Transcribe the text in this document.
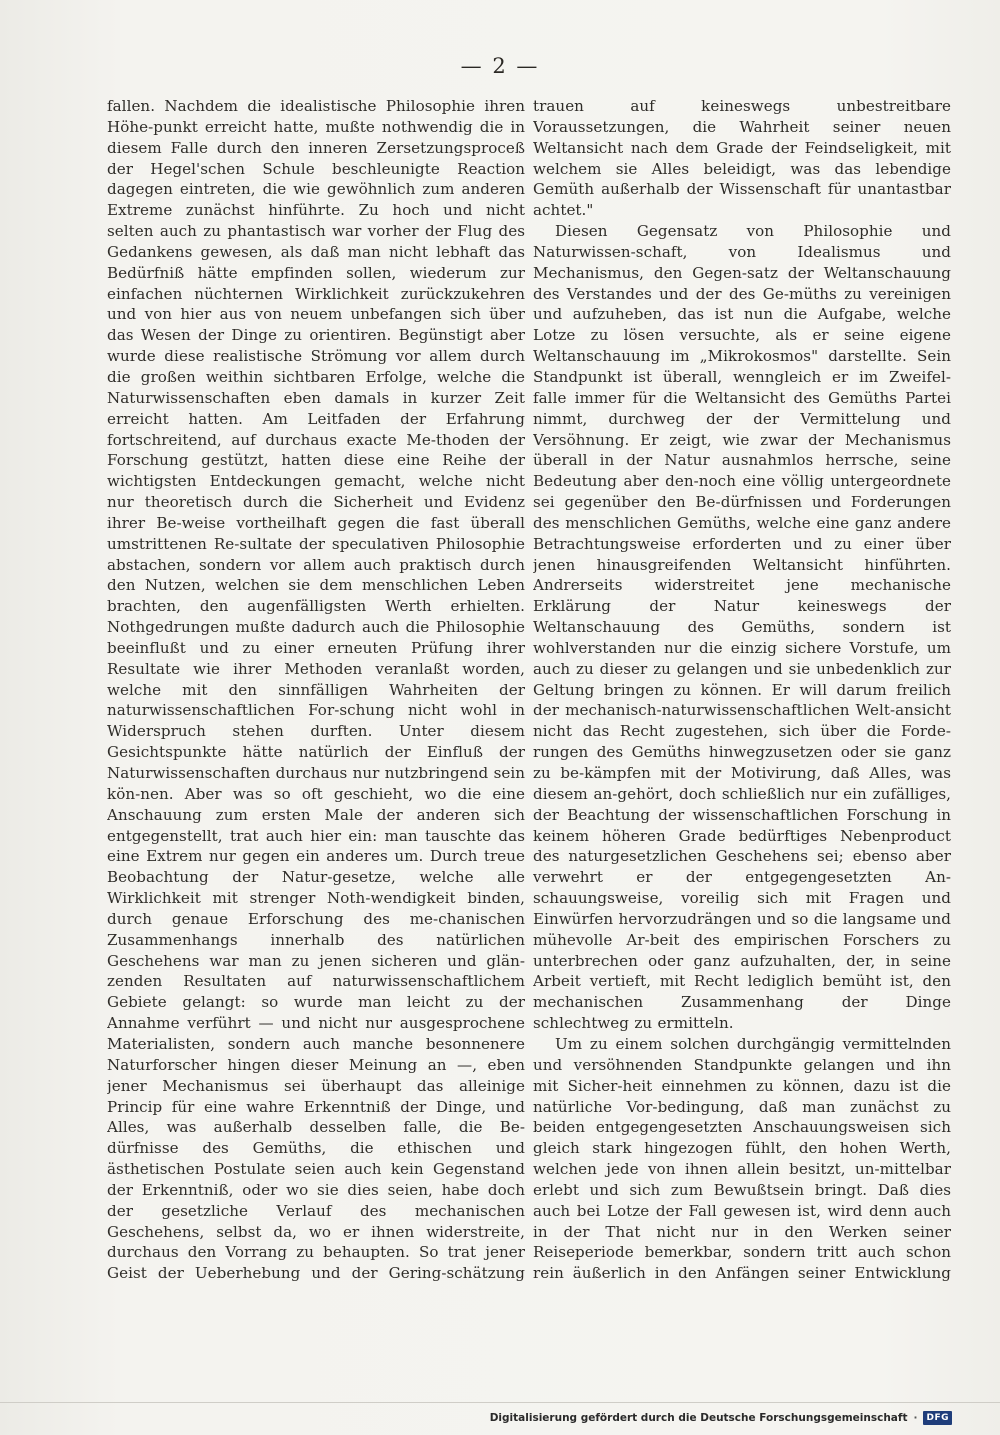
— 2 —

fallen. Nachdem die idealistische Philosophie ihren Höhe-punkt erreicht hatte, mußte nothwendig die in diesem Falle durch den inneren Zersetzungsproceß der Hegel'schen Schule beschleunigte Reaction dagegen eintreten, die wie gewöhnlich zum anderen Extreme zunächst hinführte. Zu hoch und nicht selten auch zu phantastisch war vorher der Flug des Gedankens gewesen, als daß man nicht lebhaft das Bedürfniß hätte empfinden sollen, wiederum zur einfachen nüchternen Wirklichkeit zurückzukehren und von hier aus von neuem unbefangen sich über das Wesen der Dinge zu orientiren. Begünstigt aber wurde diese realistische Strömung vor allem durch die großen weithin sichtbaren Erfolge, welche die Naturwissenschaften eben damals in kurzer Zeit erreicht hatten. Am Leitfaden der Erfahrung fortschreitend, auf durchaus exacte Me-thoden der Forschung gestützt, hatten diese eine Reihe der wichtigsten Entdeckungen gemacht, welche nicht nur theoretisch durch die Sicherheit und Evidenz ihrer Be-weise vortheilhaft gegen die fast überall umstrittenen Re-sultate der speculativen Philosophie abstachen, sondern vor allem auch praktisch durch den Nutzen, welchen sie dem menschlichen Leben brachten, den augenfälligsten Werth erhielten. Nothgedrungen mußte dadurch auch die Philosophie beeinflußt und zu einer erneuten Prüfung ihrer Resultate wie ihrer Methoden veranlaßt worden, welche mit den sinnfälligen Wahrheiten der naturwissenschaftlichen For-schung nicht wohl in Widerspruch stehen durften. Unter diesem Gesichtspunkte hätte natürlich der Einfluß der Naturwissenschaften durchaus nur nutzbringend sein kön-nen. Aber was so oft geschieht, wo die eine Anschauung zum ersten Male der anderen sich entgegenstellt, trat auch hier ein: man tauschte das eine Extrem nur gegen ein anderes um. Durch treue Beobachtung der Natur-gesetze, welche alle Wirklichkeit mit strenger Noth-wendigkeit binden, durch genaue Erforschung des me-chanischen Zusammenhangs innerhalb des natürlichen Geschehens war man zu jenen sicheren und glän-zenden Resultaten auf naturwissenschaftlichem Gebiete gelangt: so wurde man leicht zu der Annahme verführt — und nicht nur ausgesprochene Materialisten, sondern auch manche besonnenere Naturforscher hingen dieser Meinung an —, eben jener Mechanismus sei überhaupt das alleinige Princip für eine wahre Erkenntniß der Dinge, und Alles, was außerhalb desselben falle, die Be-dürfnisse des Gemüths, die ethischen und ästhetischen Postulate seien auch kein Gegenstand der Erkenntniß, oder wo sie dies seien, habe doch der gesetzliche Verlauf des mechanischen Geschehens, selbst da, wo er ihnen widerstreite, durchaus den Vorrang zu behaupten. So trat jener Geist der Ueberhebung und der Gering-schätzung

trauen auf keineswegs unbestreitbare Voraussetzungen, die Wahrheit seiner neuen Weltansicht nach dem Grade der Feindseligkeit, mit welchem sie Alles beleidigt, was das lebendige Gemüth außerhalb der Wissenschaft für unantastbar achtet."

Diesen Gegensatz von Philosophie und Naturwissen-schaft, von Idealismus und Mechanismus, den Gegen-satz der Weltanschauung des Verstandes und der des Ge-müths zu vereinigen und aufzuheben, das ist nun die Aufgabe, welche Lotze zu lösen versuchte, als er seine eigene Weltanschauung im „Mikrokosmos" darstellte. Sein Standpunkt ist überall, wenngleich er im Zweifel-falle immer für die Weltansicht des Gemüths Partei nimmt, durchweg der der Vermittelung und Versöhnung. Er zeigt, wie zwar der Mechanismus überall in der Natur ausnahmlos herrsche, seine Bedeutung aber den-noch eine völlig untergeordnete sei gegenüber den Be-dürfnissen und Forderungen des menschlichen Gemüths, welche eine ganz andere Betrachtungsweise erforderten und zu einer über jenen hinausgreifenden Weltansicht hinführten. Andrerseits widerstreitet jene mechanische Erklärung der Natur keineswegs der Weltanschauung des Gemüths, sondern ist wohlverstanden nur die einzig sichere Vorstufe, um auch zu dieser zu gelangen und sie unbedenklich zur Geltung bringen zu können. Er will darum freilich der mechanisch-naturwissenschaftlichen Welt-ansicht nicht das Recht zugestehen, sich über die Forde-rungen des Gemüths hinwegzusetzen oder sie ganz zu be-kämpfen mit der Motivirung, daß Alles, was diesem an-gehört, doch schließlich nur ein zufälliges, der Beachtung der wissenschaftlichen Forschung in keinem höheren Grade bedürftiges Nebenproduct des naturgesetzlichen Geschehens sei; ebenso aber verwehrt er der entgegengesetzten An-schauungsweise, voreilig sich mit Fragen und Einwürfen hervorzudrängen und so die langsame und mühevolle Ar-beit des empirischen Forschers zu unterbrechen oder ganz aufzuhalten, der, in seine Arbeit vertieft, mit Recht lediglich bemüht ist, den mechanischen Zusammenhang der Dinge schlechtweg zu ermitteln.

Um zu einem solchen durchgängig vermittelnden und versöhnenden Standpunkte gelangen und ihn mit Sicher-heit einnehmen zu können, dazu ist die natürliche Vor-bedingung, daß man zunächst zu beiden entgegengesetzten Anschauungsweisen sich gleich stark hingezogen fühlt, den hohen Werth, welchen jede von ihnen allein besitzt, un-mittelbar erlebt und sich zum Bewußtsein bringt. Daß dies auch bei Lotze der Fall gewesen ist, wird denn auch in der That nicht nur in den Werken seiner Reiseperiode bemerkbar, sondern tritt auch schon rein äußerlich in den Anfängen seiner Entwicklung

Digitalisierung gefördert durch die Deutsche Forschungsgemeinschaft ·	DFG
